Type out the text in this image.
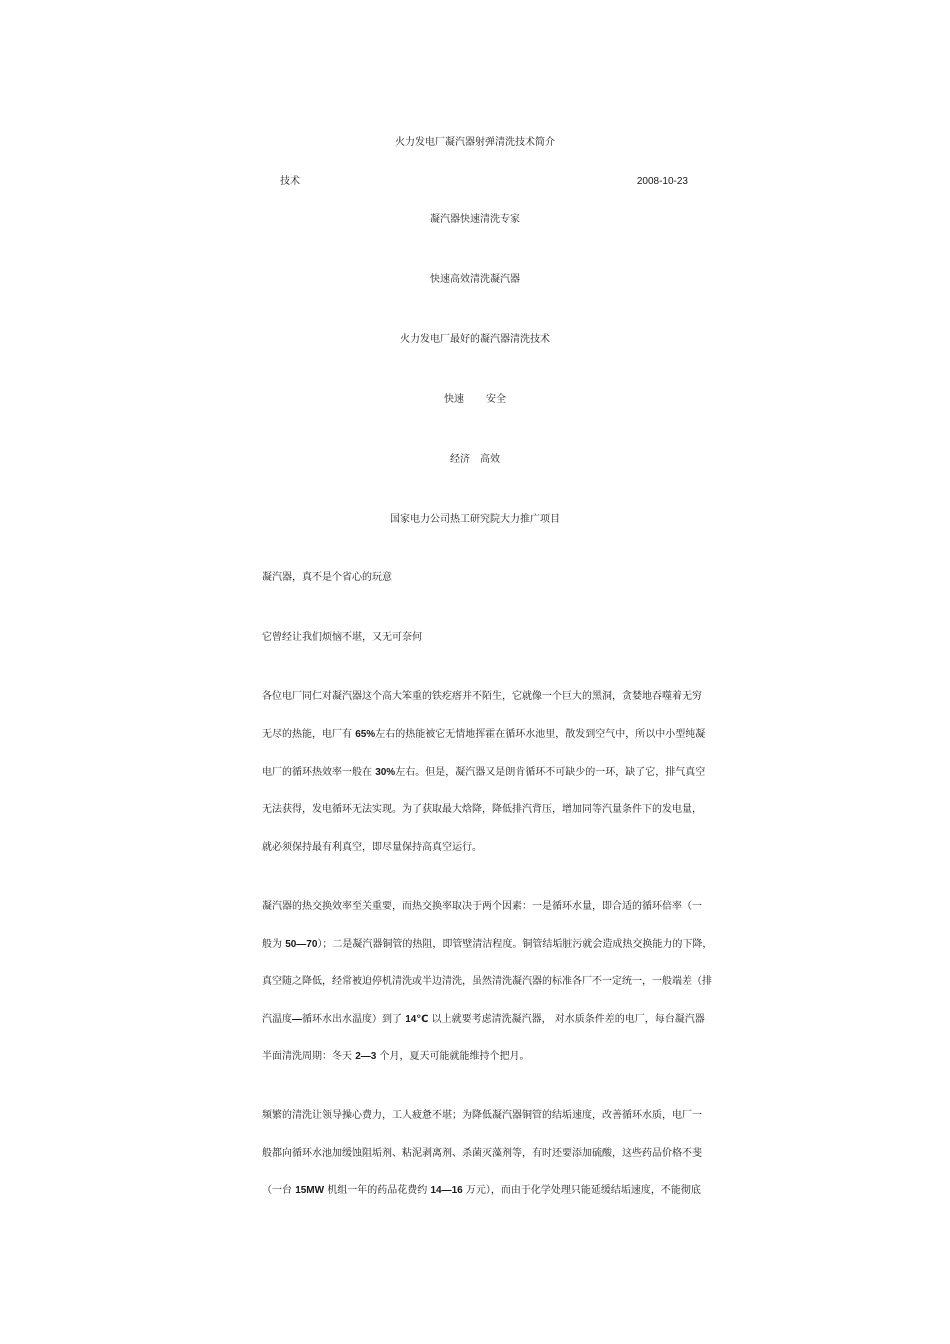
火力发电厂凝汽器射弹清洗技术简介
技术	2008-10-23
凝汽器快速清洗专家
快速高效清洗凝汽器
火力发电厂最好的凝汽器清洗技术
快速 安全
经济 高效
国家电力公司热工研究院大力推广项目
凝汽器，真不是个省心的玩意
它曾经让我们烦恼不堪，又无可奈何
各位电厂同仁对凝汽器这个高大笨重的铁疙瘩并不陌生，它就像一个巨大的黑洞，贪婪地吞噬着无穷
无尽的热能，电厂有 65%左右的热能被它无情地挥霍在循环水池里，散发到空气中，所以中小型纯凝
电厂的循环热效率一般在 30%左右。但是，凝汽器又是朗肯循环不可缺少的一环，缺了它，排气真空
无法获得，发电循环无法实现。为了获取最大焓降，降低排汽背压，增加同等汽量条件下的发电量，
就必须保持最有利真空，即尽量保持高真空运行。
凝汽器的热交换效率至关重要，而热交换率取决于两个因素：一是循环水量，即合适的循环倍率（一
般为 50—70）；二是凝汽器铜管的热阻，即管壁清洁程度。铜管结垢脏污就会造成热交换能力的下降，
真空随之降低，经常被迫停机清洗或半边清洗，虽然清洗凝汽器的标准各厂不一定统一，一般端差（排
汽温度—循环水出水温度）到了 14℃ 以上就要考虑清洗凝汽器， 对水质条件差的电厂，每台凝汽器
半面清洗周期：冬天 2—3 个月，夏天可能就能维持个把月。
频繁的清洗让领导操心费力，工人疲惫不堪；为降低凝汽器铜管的结垢速度，改善循环水质，电厂一
般都向循环水池加缓蚀阻垢剂、粘泥剥离剂、杀菌灭藻剂等，有时还要添加硫酸，这些药品价格不斐
（一台 15MW 机组一年的药品花费约 14—16 万元），而由于化学处理只能延缓结垢速度，不能彻底
